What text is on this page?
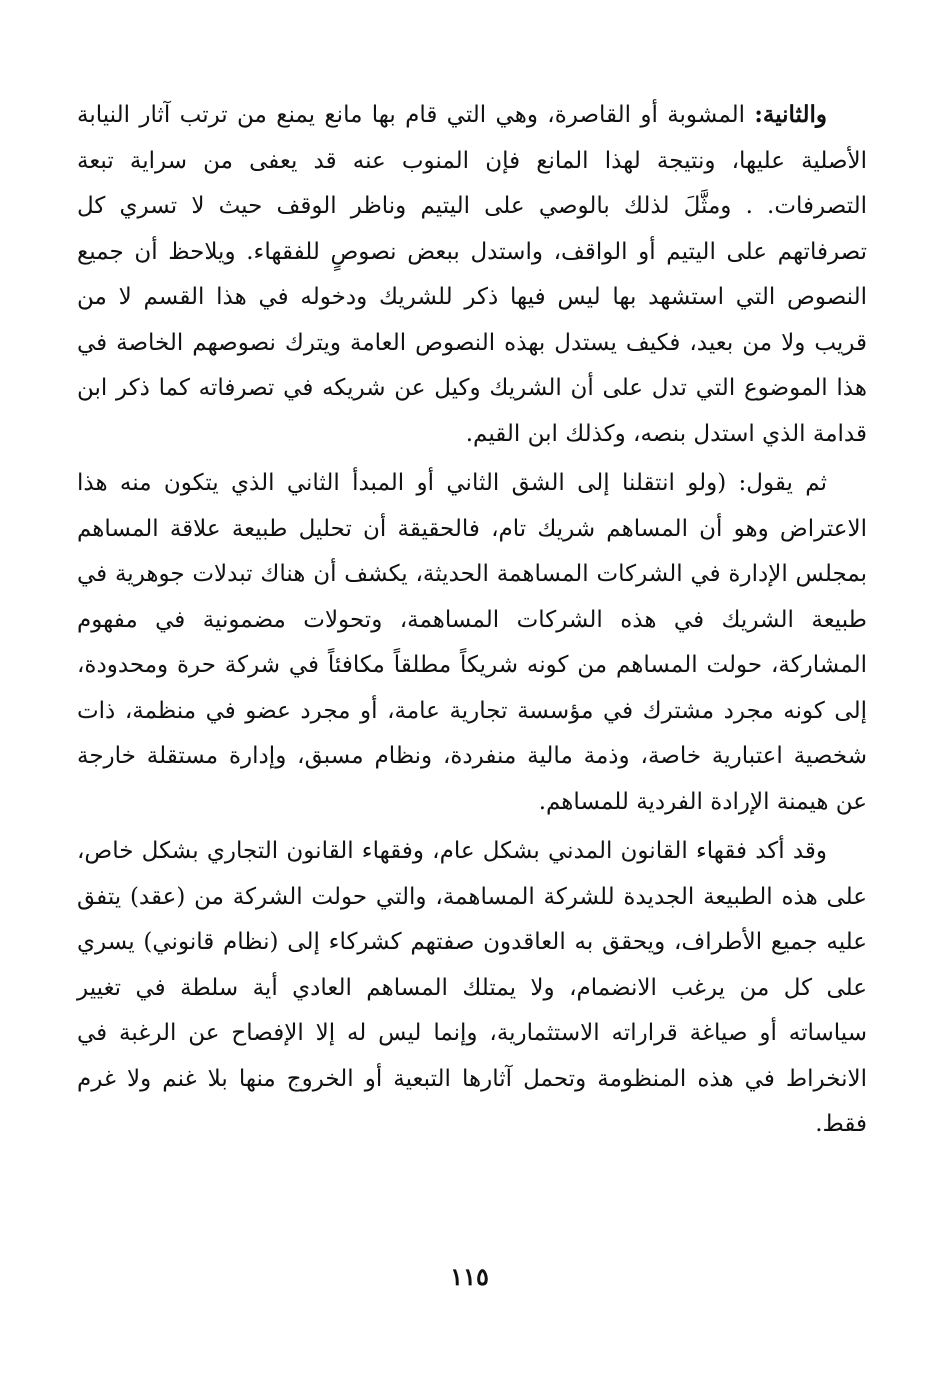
والثانية: المشوبة أو القاصرة، وهي التي قام بها مانع يمنع من ترتب آثار النيابة الأصلية عليها، ونتيجة لهذا المانع فإن المنوب عنه قد يعفى من سراية تبعة التصرفات. . ومثَّلَ لذلك بالوصي على اليتيم وناظر الوقف حيث لا تسري كل تصرفاتهم على اليتيم أو الواقف، واستدل ببعض نصوصٍ للفقهاء. ويلاحظ أن جميع النصوص التي استشهد بها ليس فيها ذكر للشريك ودخوله في هذا القسم لا من قريب ولا من بعيد، فكيف يستدل بهذه النصوص العامة ويترك نصوصهم الخاصة في هذا الموضوع التي تدل على أن الشريك وكيل عن شريكه في تصرفاته كما ذكر ابن قدامة الذي استدل بنصه، وكذلك ابن القيم.

ثم يقول: (ولو انتقلنا إلى الشق الثاني أو المبدأ الثاني الذي يتكون منه هذا الاعتراض وهو أن المساهم شريك تام، فالحقيقة أن تحليل طبيعة علاقة المساهم بمجلس الإدارة في الشركات المساهمة الحديثة، يكشف أن هناك تبدلات جوهرية في طبيعة الشريك في هذه الشركات المساهمة، وتحولات مضمونية في مفهوم المشاركة، حولت المساهم من كونه شريكاً مطلقاً مكافئاً في شركة حرة ومحدودة، إلى كونه مجرد مشترك في مؤسسة تجارية عامة، أو مجرد عضو في منظمة، ذات شخصية اعتبارية خاصة، وذمة مالية منفردة، ونظام مسبق، وإدارة مستقلة خارجة عن هيمنة الإرادة الفردية للمساهم.

وقد أكد فقهاء القانون المدني بشكل عام، وفقهاء القانون التجاري بشكل خاص، على هذه الطبيعة الجديدة للشركة المساهمة، والتي حولت الشركة من (عقد) يتفق عليه جميع الأطراف، ويحقق به العاقدون صفتهم كشركاء إلى (نظام قانوني) يسري على كل من يرغب الانضمام، ولا يمتلك المساهم العادي أية سلطة في تغيير سياساته أو صياغة قراراته الاستثمارية، وإنما ليس له إلا الإفصاح عن الرغبة في الانخراط في هذه المنظومة وتحمل آثارها التبعية أو الخروج منها بلا غنم ولا غرم فقط.

١١٥
